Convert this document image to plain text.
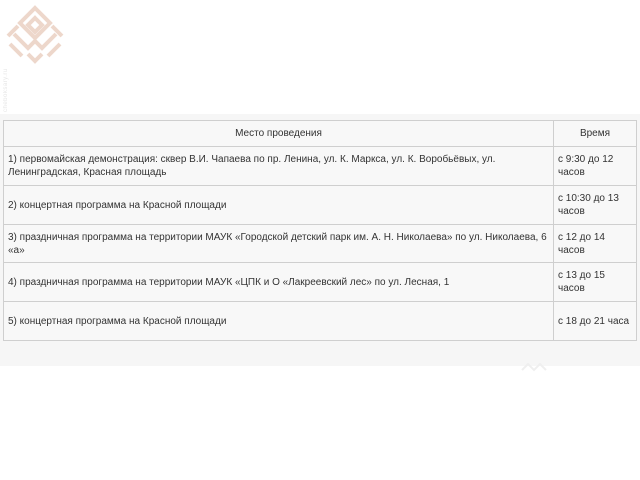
cheboksary.ru
Место проведения	Время
1) первомайская демонстрация: сквер В.И. Чапаева по пр. Ленина, ул. К. Маркса, ул. К. Воробьёвых, ул. Ленинградская, Красная площадь	с 9:30 до 12 часов
2) концертная программа на Красной площади	с 10:30 до 13 часов
3) праздничная программа на территории МАУК «Городской детский парк им. А. Н. Николаева» по ул. Николаева, 6 «а»	с 12 до 14 часов
4) праздничная программа на территории МАУК «ЦПК и О «Лакреевский лес» по ул. Лесная, 1	с 13 до 15 часов
5) концертная программа на Красной площади	с 18 до 21 часа
